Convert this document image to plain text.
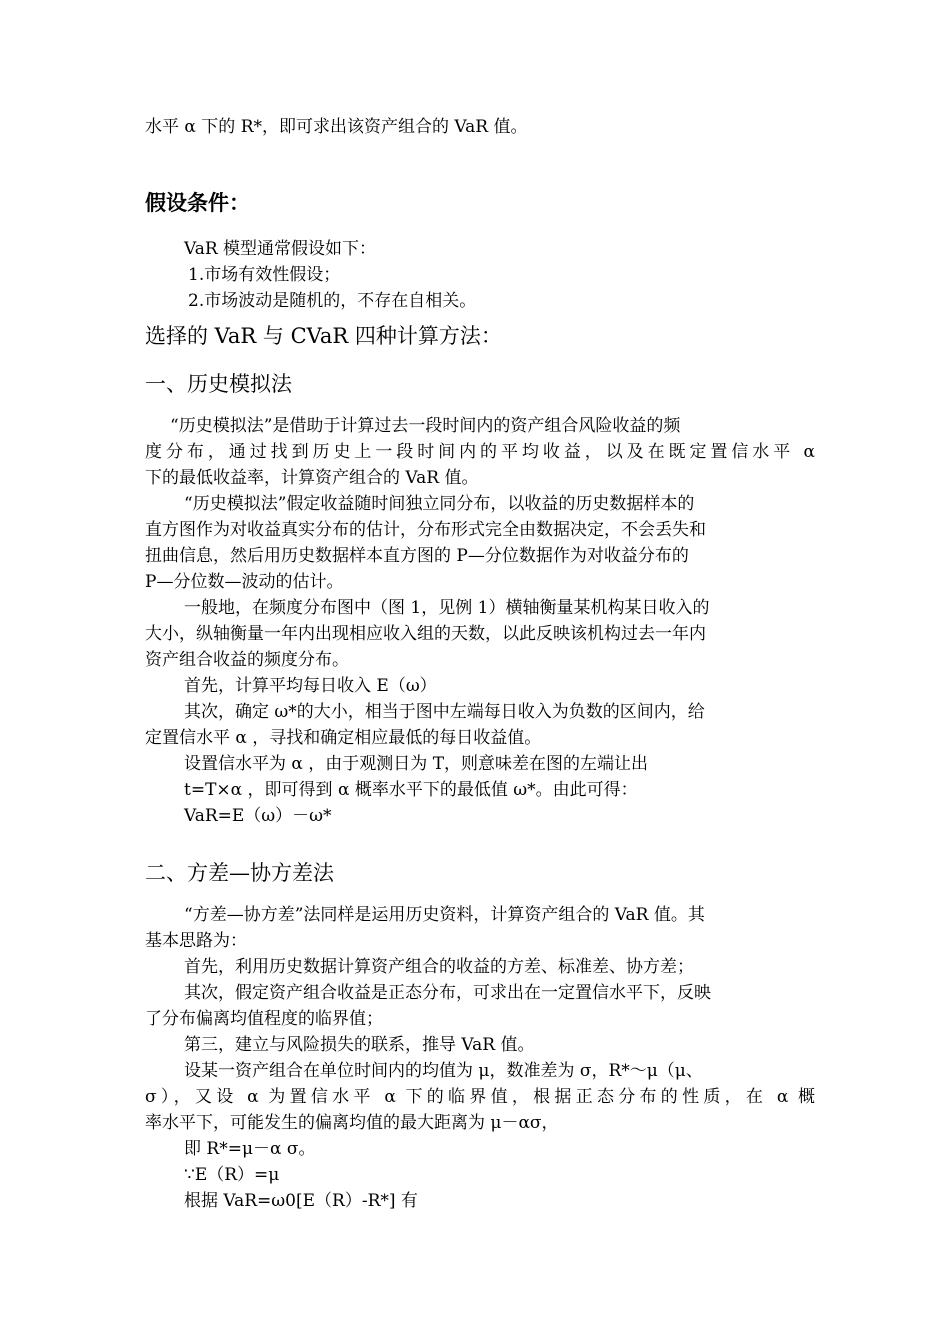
水平 α 下的 R*，即可求出该资产组合的 VaR 值。
假设条件：
VaR 模型通常假设如下：
1.市场有效性假设；
2.市场波动是随机的，不存在自相关。
选择的 VaR 与 CVaR 四种计算方法：
一、历史模拟法
“历史模拟法”是借助于计算过去一段时间内的资产组合风险收益的频
度分布，通过找到历史上一段时间内的平均收益，以及在既定置信水平 α
下的最低收益率，计算资产组合的 VaR 值。
“历史模拟法”假定收益随时间独立同分布，以收益的历史数据样本的
直方图作为对收益真实分布的估计，分布形式完全由数据决定，不会丢失和
扭曲信息，然后用历史数据样本直方图的 P—分位数据作为对收益分布的
P—分位数—波动的估计。
一般地，在频度分布图中（图 1，见例 1）横轴衡量某机构某日收入的
大小，纵轴衡量一年内出现相应收入组的天数，以此反映该机构过去一年内
资产组合收益的频度分布。
首先，计算平均每日收入 E（ω）
其次，确定 ω*的大小，相当于图中左端每日收入为负数的区间内，给
定置信水平 α ，寻找和确定相应最低的每日收益值。
设置信水平为 α ，由于观测日为 T，则意味差在图的左端让出
t=T×α ，即可得到 α 概率水平下的最低值 ω*。由此可得：
VaR=E（ω）－ω*
二、方差—协方差法
“方差—协方差”法同样是运用历史资料，计算资产组合的 VaR 值。其
基本思路为：
首先，利用历史数据计算资产组合的收益的方差、标准差、协方差；
其次，假定资产组合收益是正态分布，可求出在一定置信水平下，反映
了分布偏离均值程度的临界值；
第三，建立与风险损失的联系，推导 VaR 值。
设某一资产组合在单位时间内的均值为 μ，数准差为 σ，R*～μ（μ、
σ），又设 α 为置信水平 α 下的临界值，根据正态分布的性质，在 α 概
率水平下，可能发生的偏离均值的最大距离为 μ－ασ，
即 R*=μ－α σ。
∵E（R）=μ
根据 VaR=ω0[E（R）-R*] 有
